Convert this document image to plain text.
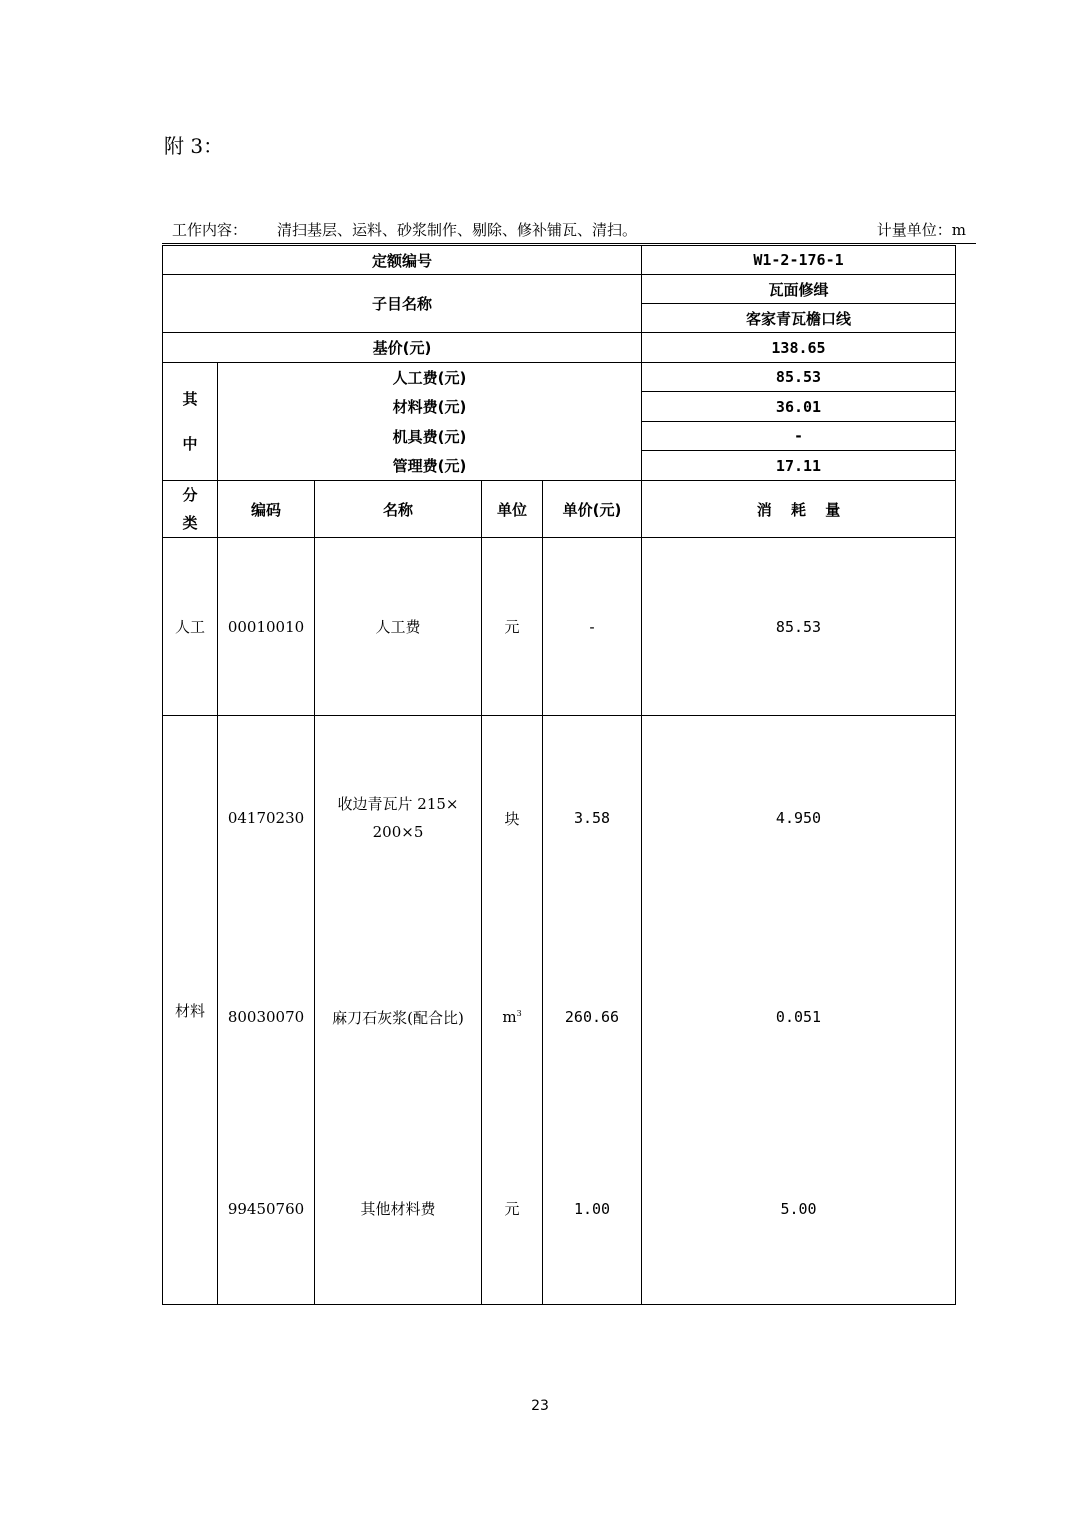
附 3：
工作内容： 清扫基层、运料、砂浆制作、剔除、修补铺瓦、清扫。	计量单位：m
定额编号					W1-2-176-1
子目名称					瓦面修缉
					客家青瓦檐口线
基价(元)					138.65

其
中	人工费(元)				85.53
	材料费(元)				36.01
	机具费(元)				-
	管理费(元)				17.11

分
类	编码	名称	单位	单价(元)	消 耗 量
人工	00010010	人工费	元	-	85.53
材料	04170230	收边青瓦片 215×
200×5	块	3.58	4.950
	80030070	麻刀石灰浆(配合比)	$m^3$	260.66	0.051
	99450760	其他材料费	元	1.00	5.00
23
